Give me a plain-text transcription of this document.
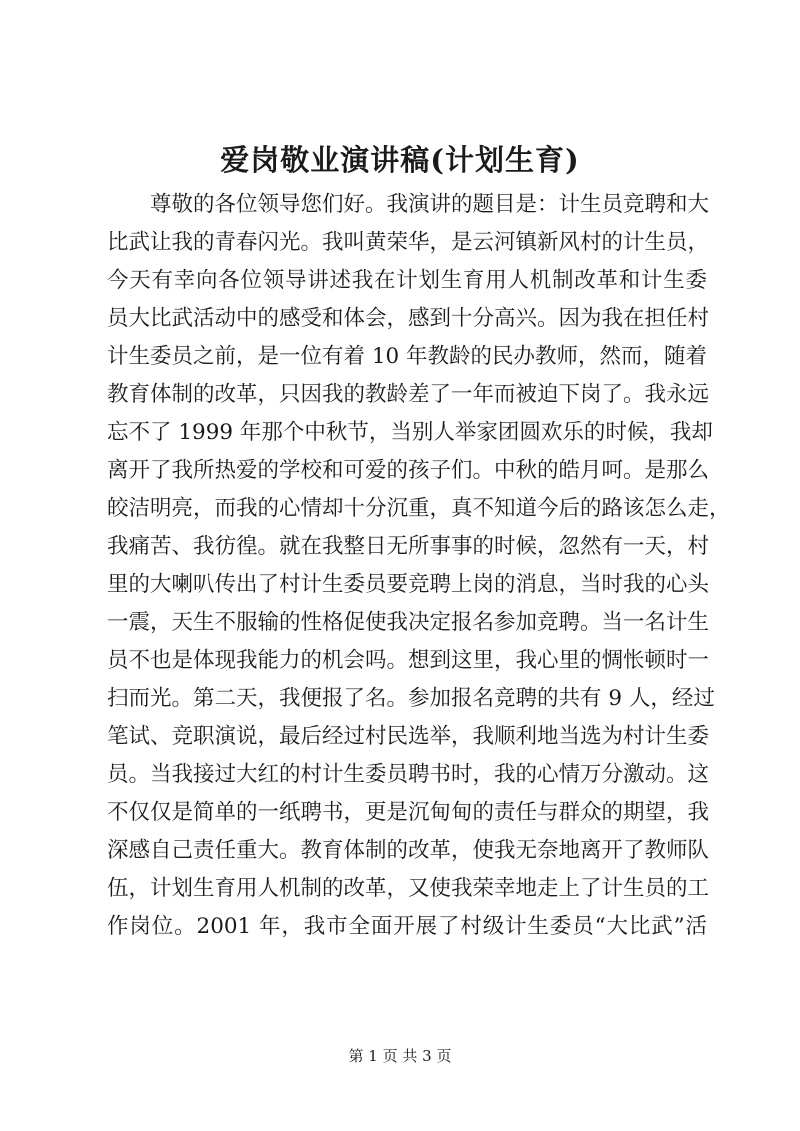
爱岗敬业演讲稿(计划生育)
尊敬的各位领导您们好。我演讲的题目是：计生员竞聘和大
比武让我的青春闪光。我叫黄荣华，是云河镇新风村的计生员，
今天有幸向各位领导讲述我在计划生育用人机制改革和计生委
员大比武活动中的感受和体会，感到十分高兴。因为我在担任村
计生委员之前，是一位有着 10 年教龄的民办教师，然而，随着
教育体制的改革，只因我的教龄差了一年而被迫下岗了。我永远
忘不了 1999 年那个中秋节，当别人举家团圆欢乐的时候，我却
离开了我所热爱的学校和可爱的孩子们。中秋的皓月呵。是那么
皎洁明亮，而我的心情却十分沉重，真不知道今后的路该怎么走，
我痛苦、我彷徨。就在我整日无所事事的时候，忽然有一天，村
里的大喇叭传出了村计生委员要竞聘上岗的消息，当时我的心头
一震，天生不服输的性格促使我决定报名参加竞聘。当一名计生
员不也是体现我能力的机会吗。想到这里，我心里的惆怅顿时一
扫而光。第二天，我便报了名。参加报名竞聘的共有 9 人，经过
笔试、竞职演说，最后经过村民选举，我顺利地当选为村计生委
员。当我接过大红的村计生委员聘书时，我的心情万分激动。这
不仅仅是简单的一纸聘书，更是沉甸甸的责任与群众的期望，我
深感自己责任重大。教育体制的改革，使我无奈地离开了教师队
伍，计划生育用人机制的改革，又使我荣幸地走上了计生员的工
作岗位。2001 年，我市全面开展了村级计生委员“大比武”活
第 1 页 共 3 页
